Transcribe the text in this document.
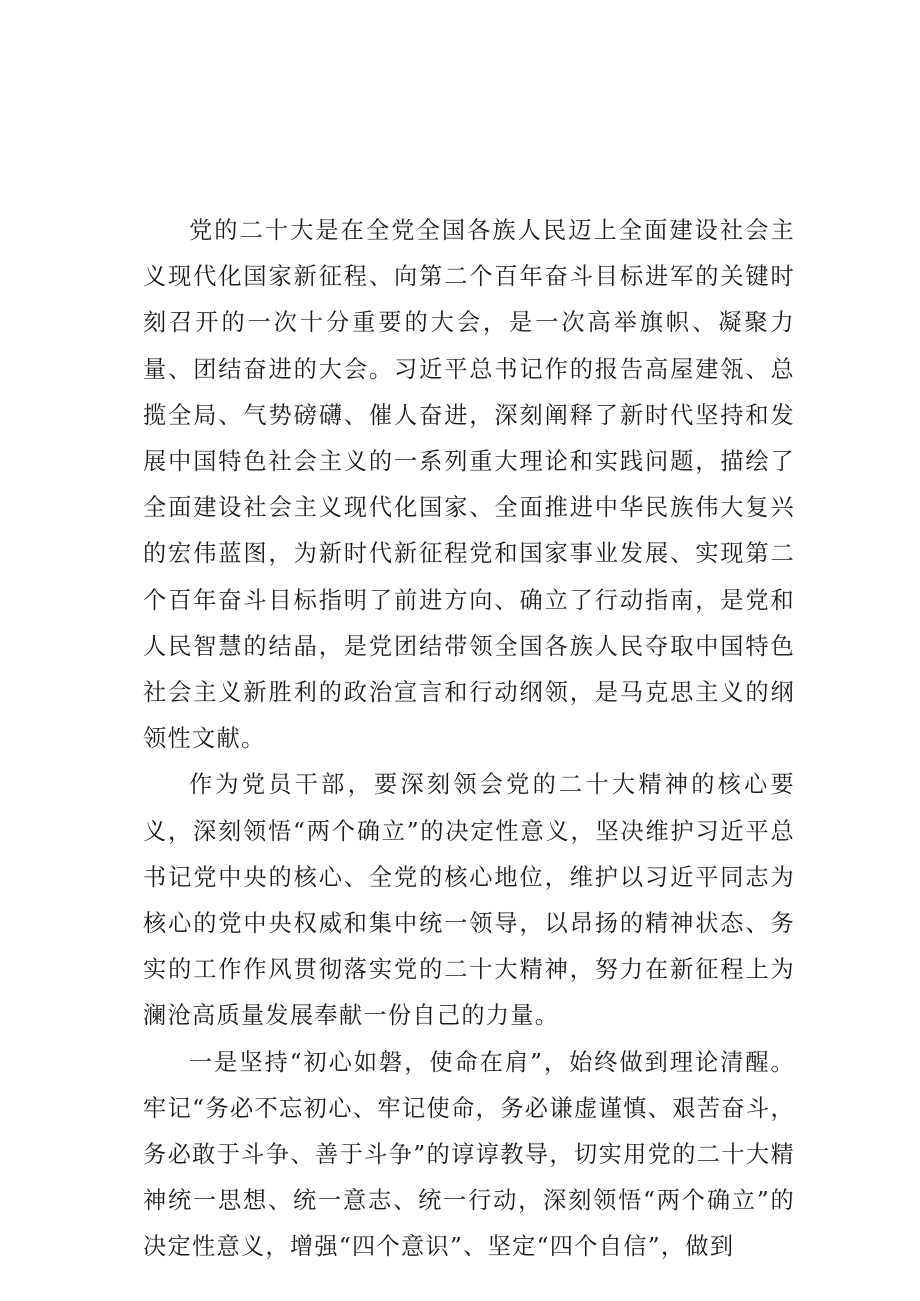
党的二十大是在全党全国各族人民迈上全面建设社会主义现代化国家新征程、向第二个百年奋斗目标进军的关键时刻召开的一次十分重要的大会，是一次高举旗帜、凝聚力量、团结奋进的大会。习近平总书记作的报告高屋建瓴、总揽全局、气势磅礴、催人奋进，深刻阐释了新时代坚持和发展中国特色社会主义的一系列重大理论和实践问题，描绘了全面建设社会主义现代化国家、全面推进中华民族伟大复兴的宏伟蓝图，为新时代新征程党和国家事业发展、实现第二个百年奋斗目标指明了前进方向、确立了行动指南，是党和人民智慧的结晶，是党团结带领全国各族人民夺取中国特色社会主义新胜利的政治宣言和行动纲领，是马克思主义的纲领性文献。

作为党员干部，要深刻领会党的二十大精神的核心要义，深刻领悟“两个确立”的决定性意义，坚决维护习近平总书记党中央的核心、全党的核心地位，维护以习近平同志为核心的党中央权威和集中统一领导，以昂扬的精神状态、务实的工作作风贯彻落实党的二十大精神，努力在新征程上为澜沧高质量发展奉献一份自己的力量。

一是坚持“初心如磐，使命在肩”，始终做到理论清醒。牢记“务必不忘初心、牢记使命，务必谦虚谨慎、艰苦奋斗，务必敢于斗争、善于斗争”的谆谆教导，切实用党的二十大精神统一思想、统一意志、统一行动，深刻领悟“两个确立”的决定性意义，增强“四个意识”、坚定“四个自信”，做到
